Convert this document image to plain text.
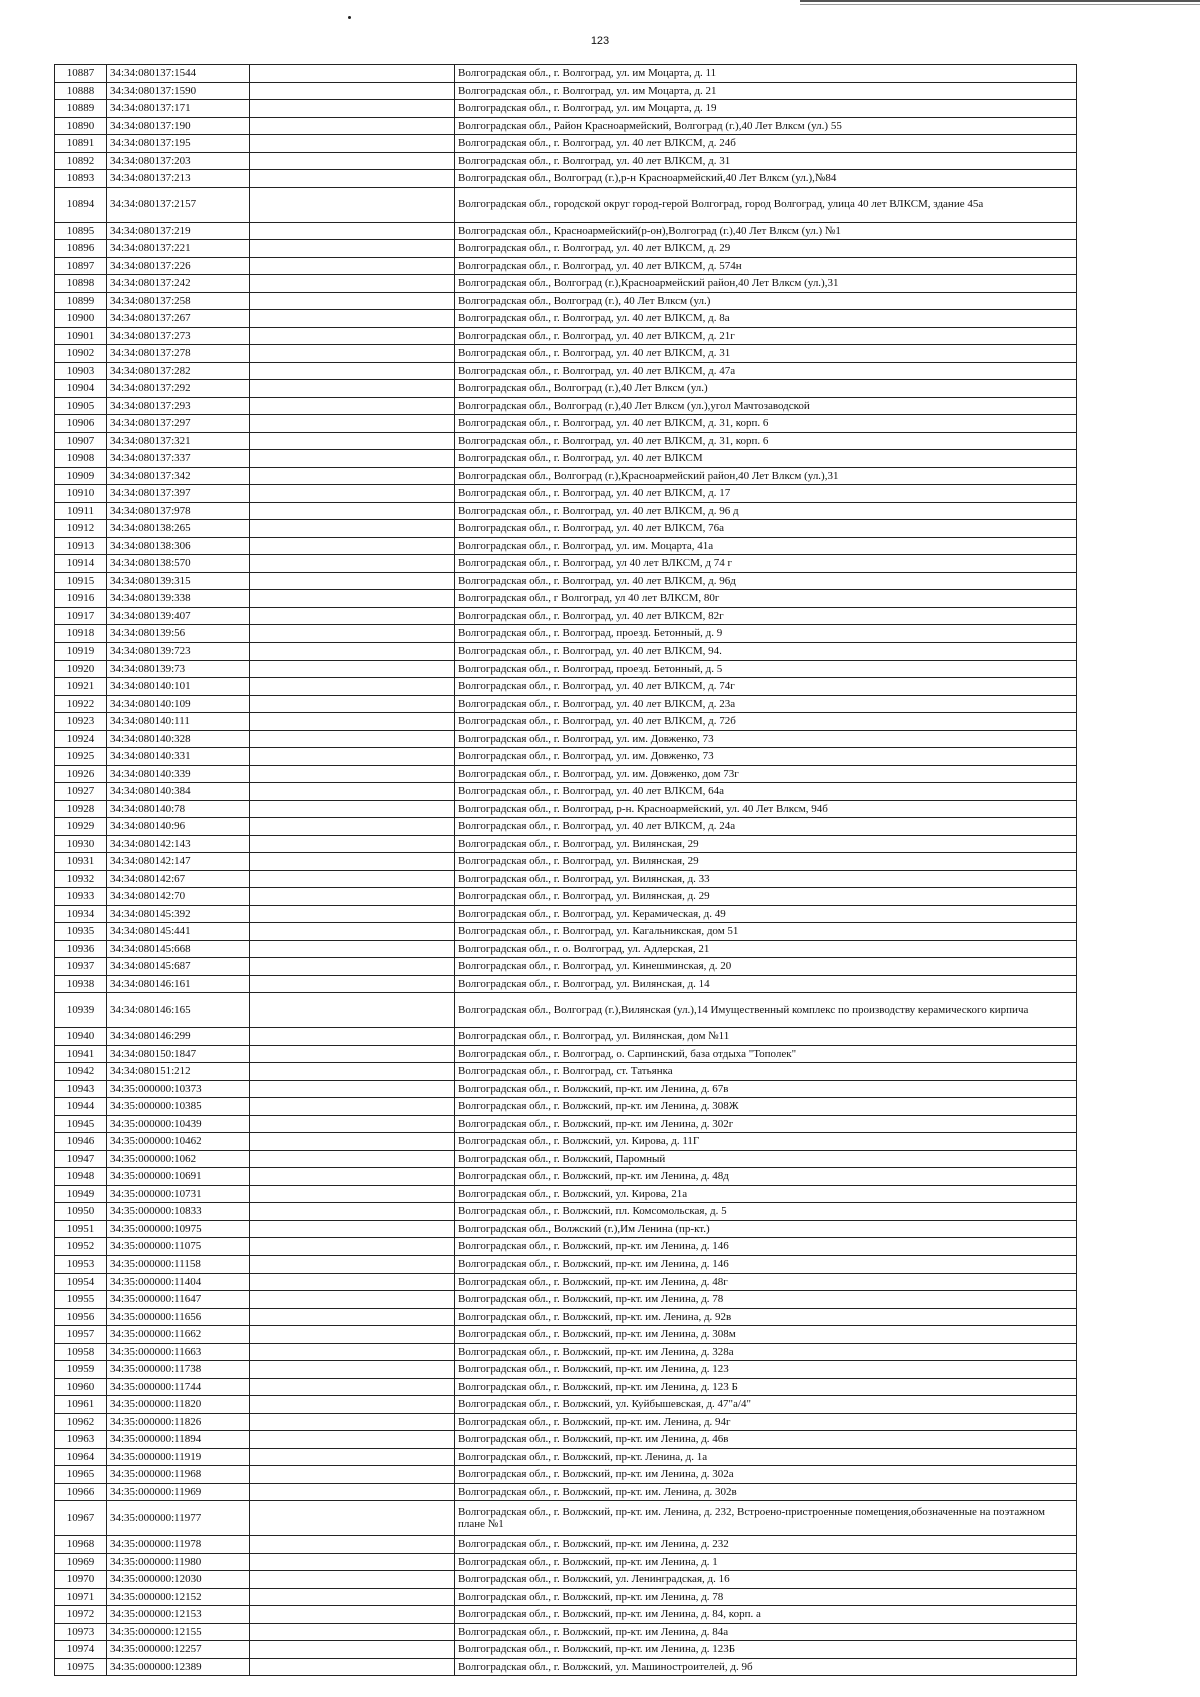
123
10887	34:34:080137:1544		Волгоградская обл., г. Волгоград, ул. им Моцарта, д. 11
10888	34:34:080137:1590		Волгоградская обл., г. Волгоград, ул. им Моцарта, д. 21
10889	34:34:080137:171		Волгоградская обл., г. Волгоград, ул. им Моцарта, д. 19
10890	34:34:080137:190		Волгоградская обл., Район Красноармейский, Волгоград (г.),40 Лет Влксм (ул.) 55
10891	34:34:080137:195		Волгоградская обл., г. Волгоград, ул. 40 лет ВЛКСМ, д. 24б
10892	34:34:080137:203		Волгоградская обл., г. Волгоград, ул. 40 лет ВЛКСМ, д. 31
10893	34:34:080137:213		Волгоградская обл., Волгоград (г.),р-н Красноармейский,40 Лет Влксм (ул.),№84
10894	34:34:080137:2157		Волгоградская обл., городской округ город-герой Волгоград, город Волгоград, улица 40 лет ВЛКСМ, здание 45а
10895	34:34:080137:219		Волгоградская обл., Красноармейский(р-он),Волгоград (г.),40 Лет Влксм (ул.) №1
10896	34:34:080137:221		Волгоградская обл., г. Волгоград, ул. 40 лет ВЛКСМ, д. 29
10897	34:34:080137:226		Волгоградская обл., г. Волгоград, ул. 40 лет ВЛКСМ, д. 574н
10898	34:34:080137:242		Волгоградская обл., Волгоград (г.),Красноармейский район,40 Лет Влксм (ул.),31
10899	34:34:080137:258		Волгоградская обл., Волгоград (г.), 40 Лет Влксм (ул.)
10900	34:34:080137:267		Волгоградская обл., г. Волгоград, ул. 40 лет ВЛКСМ, д. 8а
10901	34:34:080137:273		Волгоградская обл., г. Волгоград, ул. 40 лет ВЛКСМ, д. 21г
10902	34:34:080137:278		Волгоградская обл., г. Волгоград, ул. 40 лет ВЛКСМ, д. 31
10903	34:34:080137:282		Волгоградская обл., г. Волгоград, ул. 40 лет ВЛКСМ, д. 47а
10904	34:34:080137:292		Волгоградская обл., Волгоград (г.),40 Лет Влксм (ул.)
10905	34:34:080137:293		Волгоградская обл., Волгоград (г.),40 Лет Влксм (ул.),угол Мачтозаводской
10906	34:34:080137:297		Волгоградская обл., г. Волгоград, ул. 40 лет ВЛКСМ, д. 31, корп. 6
10907	34:34:080137:321		Волгоградская обл., г. Волгоград, ул. 40 лет ВЛКСМ, д. 31, корп. 6
10908	34:34:080137:337		Волгоградская обл., г. Волгоград, ул. 40 лет ВЛКСМ
10909	34:34:080137:342		Волгоградская обл., Волгоград (г.),Красноармейский район,40 Лет Влксм (ул.),31
10910	34:34:080137:397		Волгоградская обл., г. Волгоград, ул. 40 лет ВЛКСМ, д. 17
10911	34:34:080137:978		Волгоградская обл., г. Волгоград, ул. 40 лет ВЛКСМ, д. 96 д
10912	34:34:080138:265		Волгоградская обл., г. Волгоград, ул. 40 лет ВЛКСМ, 76а
10913	34:34:080138:306		Волгоградская обл., г. Волгоград, ул. им. Моцарта, 41а
10914	34:34:080138:570		Волгоградская обл., г. Волгоград, ул 40 лет ВЛКСМ, д 74 г
10915	34:34:080139:315		Волгоградская обл., г. Волгоград, ул. 40 лет ВЛКСМ, д. 96д
10916	34:34:080139:338		Волгоградская обл., г Волгоград, ул 40 лет ВЛКСМ, 80г
10917	34:34:080139:407		Волгоградская обл., г. Волгоград, ул. 40 лет ВЛКСМ, 82г
10918	34:34:080139:56		Волгоградская обл., г. Волгоград, проезд. Бетонный, д. 9
10919	34:34:080139:723		Волгоградская обл., г. Волгоград, ул. 40 лет ВЛКСМ, 94.
10920	34:34:080139:73		Волгоградская обл., г. Волгоград, проезд. Бетонный, д. 5
10921	34:34:080140:101		Волгоградская обл., г. Волгоград, ул. 40 лет ВЛКСМ, д. 74г
10922	34:34:080140:109		Волгоградская обл., г. Волгоград, ул. 40 лет ВЛКСМ, д. 23а
10923	34:34:080140:111		Волгоградская обл., г. Волгоград, ул. 40 лет ВЛКСМ, д. 72б
10924	34:34:080140:328		Волгоградская обл., г. Волгоград, ул. им. Довженко, 73
10925	34:34:080140:331		Волгоградская обл., г. Волгоград, ул. им. Довженко, 73
10926	34:34:080140:339		Волгоградская обл., г. Волгоград, ул. им. Довженко, дом 73г
10927	34:34:080140:384		Волгоградская обл., г. Волгоград, ул. 40 лет ВЛКСМ, 64а
10928	34:34:080140:78		Волгоградская обл., г. Волгоград, р-н. Красноармейский, ул. 40 Лет Влксм, 94б
10929	34:34:080140:96		Волгоградская обл., г. Волгоград, ул. 40 лет ВЛКСМ, д. 24а
10930	34:34:080142:143		Волгоградская обл., г. Волгоград, ул. Вилянская, 29
10931	34:34:080142:147		Волгоградская обл., г. Волгоград, ул. Вилянская, 29
10932	34:34:080142:67		Волгоградская обл., г. Волгоград, ул. Вилянская, д. 33
10933	34:34:080142:70		Волгоградская обл., г. Волгоград, ул. Вилянская, д. 29
10934	34:34:080145:392		Волгоградская обл., г. Волгоград, ул. Керамическая, д. 49
10935	34:34:080145:441		Волгоградская обл., г. Волгоград, ул. Кагальникская, дом 51
10936	34:34:080145:668		Волгоградская обл., г. о. Волгоград, ул. Адлерская, 21
10937	34:34:080145:687		Волгоградская обл., г. Волгоград, ул. Кинешминская, д. 20
10938	34:34:080146:161		Волгоградская обл., г. Волгоград, ул. Вилянская, д. 14
10939	34:34:080146:165		Волгоградская обл., Волгоград (г.),Вилянская (ул.),14 Имущественный комплекс по производству керамического кирпича
10940	34:34:080146:299		Волгоградская обл., г. Волгоград, ул. Вилянская, дом №11
10941	34:34:080150:1847		Волгоградская обл., г. Волгоград, о. Сарпинский, база отдыха "Тополек"
10942	34:34:080151:212		Волгоградская обл., г. Волгоград, ст. Татьянка
10943	34:35:000000:10373		Волгоградская обл., г. Волжский, пр-кт. им Ленина, д. 67в
10944	34:35:000000:10385		Волгоградская обл., г. Волжский, пр-кт. им Ленина, д. 308Ж
10945	34:35:000000:10439		Волгоградская обл., г. Волжский, пр-кт. им Ленина, д. 302г
10946	34:35:000000:10462		Волгоградская обл., г. Волжский, ул. Кирова, д. 11Г
10947	34:35:000000:1062		Волгоградская обл., г. Волжский, Паромный
10948	34:35:000000:10691		Волгоградская обл., г. Волжский, пр-кт. им Ленина, д. 48д
10949	34:35:000000:10731		Волгоградская обл., г. Волжский, ул. Кирова, 21а
10950	34:35:000000:10833		Волгоградская обл., г. Волжский, пл. Комсомольская, д. 5
10951	34:35:000000:10975		Волгоградская обл., Волжский (г.),Им Ленина (пр-кт.)
10952	34:35:000000:11075		Волгоградская обл., г. Волжский, пр-кт. им Ленина, д. 146
10953	34:35:000000:11158		Волгоградская обл., г. Волжский, пр-кт. им Ленина, д. 146
10954	34:35:000000:11404		Волгоградская обл., г. Волжский, пр-кт. им Ленина, д. 48г
10955	34:35:000000:11647		Волгоградская обл., г. Волжский, пр-кт. им Ленина, д. 78
10956	34:35:000000:11656		Волгоградская обл., г. Волжский, пр-кт. им. Ленина, д. 92в
10957	34:35:000000:11662		Волгоградская обл., г. Волжский, пр-кт. им Ленина, д. 308м
10958	34:35:000000:11663		Волгоградская обл., г. Волжский, пр-кт. им Ленина, д. 328а
10959	34:35:000000:11738		Волгоградская обл., г. Волжский, пр-кт. им Ленина, д. 123
10960	34:35:000000:11744		Волгоградская обл., г. Волжский, пр-кт. им Ленина, д. 123 Б
10961	34:35:000000:11820		Волгоградская обл., г. Волжский, ул. Куйбышевская, д. 47"а/4"
10962	34:35:000000:11826		Волгоградская обл., г. Волжский, пр-кт. им. Ленина, д. 94г
10963	34:35:000000:11894		Волгоградская обл., г. Волжский, пр-кт. им Ленина, д. 46в
10964	34:35:000000:11919		Волгоградская обл., г. Волжский, пр-кт. Ленина, д. 1а
10965	34:35:000000:11968		Волгоградская обл., г. Волжский, пр-кт. им Ленина, д. 302а
10966	34:35:000000:11969		Волгоградская обл., г. Волжский, пр-кт. им. Ленина, д. 302в
10967	34:35:000000:11977		Волгоградская обл., г. Волжский, пр-кт. им. Ленина, д. 232, Встроено-пристроенные помещения,обозначенные на поэтажном плане №1
10968	34:35:000000:11978		Волгоградская обл., г. Волжский, пр-кт. им Ленина, д. 232
10969	34:35:000000:11980		Волгоградская обл., г. Волжский, пр-кт. им Ленина, д. 1
10970	34:35:000000:12030		Волгоградская обл., г. Волжский, ул. Ленинградская, д. 16
10971	34:35:000000:12152		Волгоградская обл., г. Волжский, пр-кт. им Ленина, д. 78
10972	34:35:000000:12153		Волгоградская обл., г. Волжский, пр-кт. им Ленина, д. 84, корп. а
10973	34:35:000000:12155		Волгоградская обл., г. Волжский, пр-кт. им Ленина, д. 84а
10974	34:35:000000:12257		Волгоградская обл., г. Волжский, пр-кт. им Ленина, д. 123Б
10975	34:35:000000:12389		Волгоградская обл., г. Волжский, ул. Машиностроителей, д. 9б
